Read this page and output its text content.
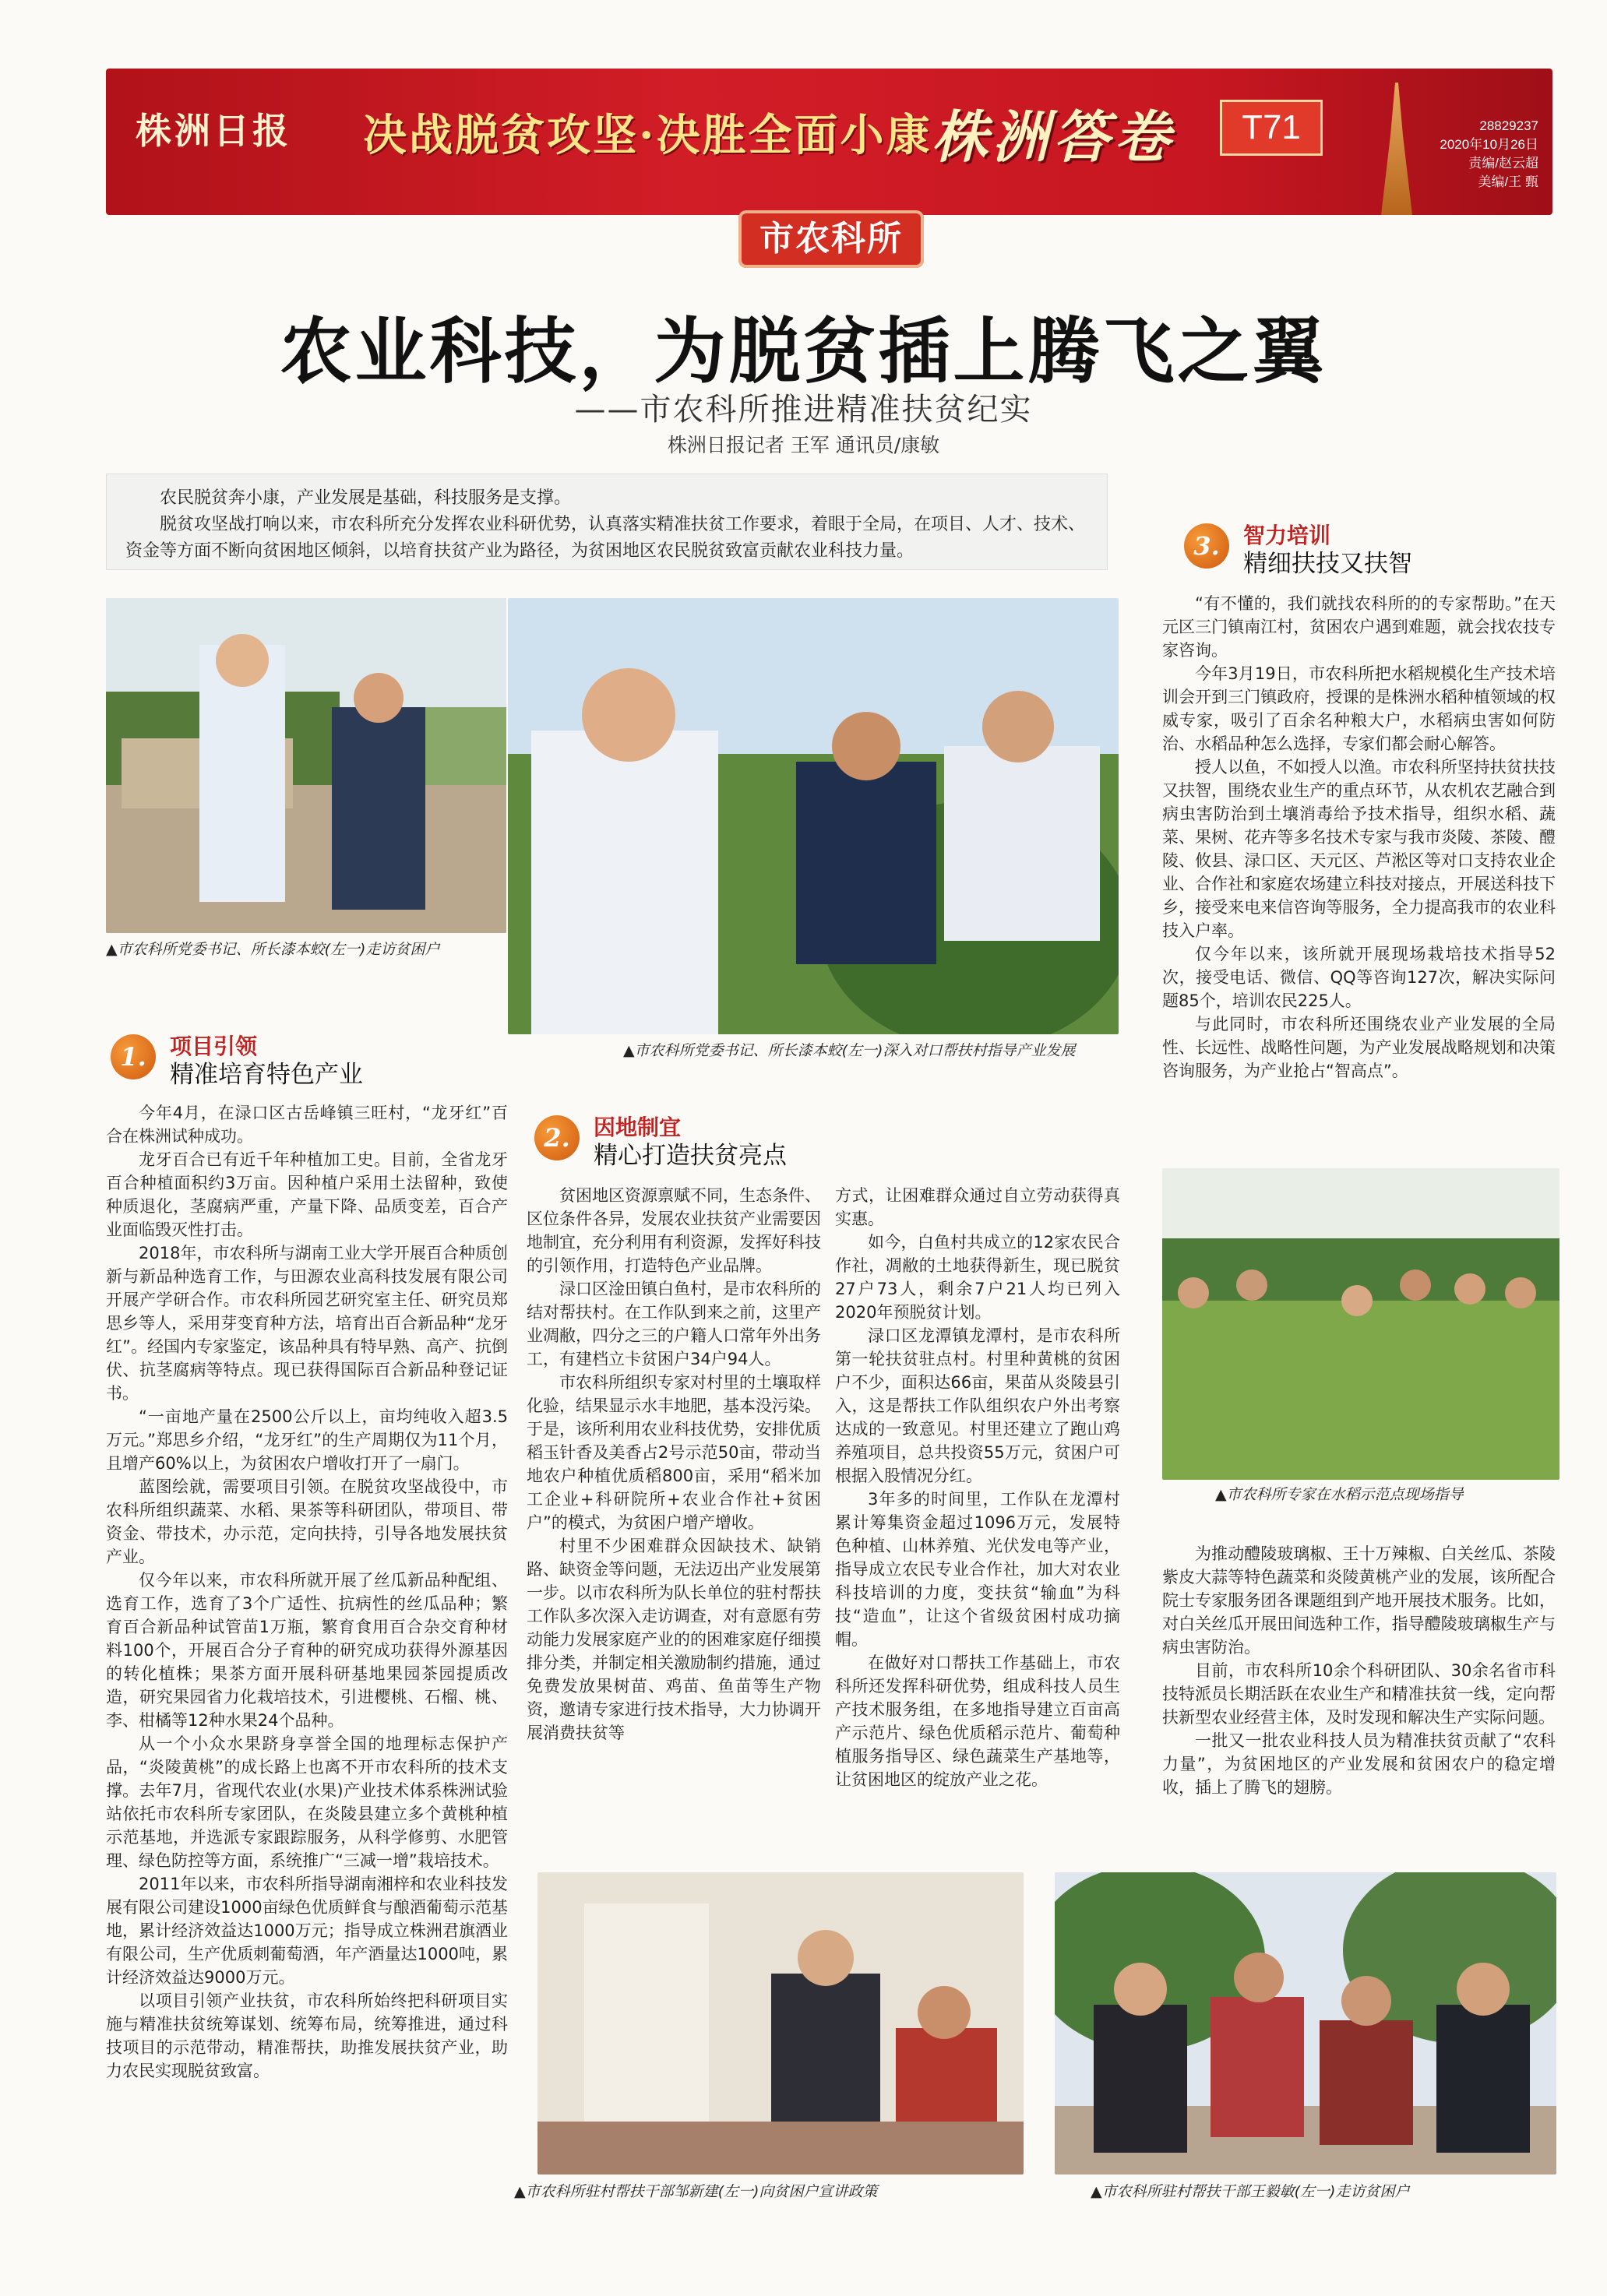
株洲日报 决战脱贫攻坚·决胜全面小康 株洲答卷	T71	28829237
2020年10月26日
责编/赵云超
美编/王 甄
市农科所
农业科技，为脱贫插上腾飞之翼
——市农科所推进精准扶贫纪实
株洲日报记者 王军 通讯员/康敏

农民脱贫奔小康，产业发展是基础，科技服务是支撑。

脱贫攻坚战打响以来，市农科所充分发挥农业科研优势，认真落实精准扶贫工作要求，着眼于全局，在项目、人才、技术、资金等方面不断向贫困地区倾斜，以培育扶贫产业为路径，为贫困地区农民脱贫致富贡献农业科技力量。

▲市农科所党委书记、所长漆本蛟(左一)走访贫困户
▲市农科所党委书记、所长漆本蛟(左一)深入对口帮扶村指导产业发展
1.	项目引领
精准培育特色产业

今年4月，在渌口区古岳峰镇三旺村，“龙牙红”百合在株洲试种成功。

龙牙百合已有近千年种植加工史。目前，全省龙牙百合种植面积约3万亩。因种植户采用土法留种，致使种质退化，茎腐病严重，产量下降、品质变差，百合产业面临毁灭性打击。

2018年，市农科所与湖南工业大学开展百合种质创新与新品种选育工作，与田源农业高科技发展有限公司开展产学研合作。市农科所园艺研究室主任、研究员郑思乡等人，采用芽变育种方法，培育出百合新品种“龙牙红”。经国内专家鉴定，该品种具有特早熟、高产、抗倒伏、抗茎腐病等特点。现已获得国际百合新品种登记证书。

“一亩地产量在2500公斤以上，亩均纯收入超3.5万元。”郑思乡介绍，“龙牙红”的生产周期仅为11个月，且增产60%以上，为贫困农户增收打开了一扇门。

蓝图绘就，需要项目引领。在脱贫攻坚战役中，市农科所组织蔬菜、水稻、果茶等科研团队，带项目、带资金、带技术，办示范，定向扶持，引导各地发展扶贫产业。

仅今年以来，市农科所就开展了丝瓜新品种配组、选育工作，选育了3个广适性、抗病性的丝瓜品种；繁育百合新品种试管苗1万瓶，繁育食用百合杂交育种材料100个，开展百合分子育种的研究成功获得外源基因的转化植株；果茶方面开展科研基地果园茶园提质改造，研究果园省力化栽培技术，引进樱桃、石榴、桃、李、柑橘等12种水果24个品种。

从一个小众水果跻身享誉全国的地理标志保护产品，“炎陵黄桃”的成长路上也离不开市农科所的技术支撑。去年7月，省现代农业(水果)产业技术体系株洲试验站依托市农科所专家团队，在炎陵县建立多个黄桃种植示范基地，并选派专家跟踪服务，从科学修剪、水肥管理、绿色防控等方面，系统推广“三减一增”栽培技术。

2011年以来，市农科所指导湖南湘梓和农业科技发展有限公司建设1000亩绿色优质鲜食与酿酒葡萄示范基地，累计经济效益达1000万元；指导成立株洲君旗酒业有限公司，生产优质刺葡萄酒，年产酒量达1000吨，累计经济效益达9000万元。

以项目引领产业扶贫，市农科所始终把科研项目实施与精准扶贫统筹谋划、统筹布局，统筹推进，通过科技项目的示范带动，精准帮扶，助推发展扶贫产业，助力农民实现脱贫致富。

2.	因地制宜
精心打造扶贫亮点

贫困地区资源禀赋不同，生态条件、区位条件各异，发展农业扶贫产业需要因地制宜，充分利用有利资源，发挥好科技的引领作用，打造特色产业品牌。

渌口区淦田镇白鱼村，是市农科所的结对帮扶村。在工作队到来之前，这里产业凋敝，四分之三的户籍人口常年外出务工，有建档立卡贫困户34户94人。

市农科所组织专家对村里的土壤取样化验，结果显示水丰地肥，基本没污染。于是，该所利用农业科技优势，安排优质稻玉针香及美香占2号示范50亩，带动当地农户种植优质稻800亩，采用“稻米加工企业+科研院所+农业合作社+贫困户”的模式，为贫困户增产增收。

村里不少困难群众因缺技术、缺销路、缺资金等问题，无法迈出产业发展第一步。以市农科所为队长单位的驻村帮扶工作队多次深入走访调查，对有意愿有劳动能力发展家庭产业的的困难家庭仔细摸排分类，并制定相关激励制约措施，通过免费发放果树苗、鸡苗、鱼苗等生产物资，邀请专家进行技术指导，大力协调开展消费扶贫等

方式，让困难群众通过自立劳动获得真实惠。

如今，白鱼村共成立的12家农民合作社，凋敝的土地获得新生，现已脱贫27户73人，剩余7户21人均已列入2020年预脱贫计划。

渌口区龙潭镇龙潭村，是市农科所第一轮扶贫驻点村。村里种黄桃的贫困户不少，面积达66亩，果苗从炎陵县引入，这是帮扶工作队组织农户外出考察达成的一致意见。村里还建立了跑山鸡养殖项目，总共投资55万元，贫困户可根据入股情况分红。

3年多的时间里，工作队在龙潭村累计筹集资金超过1096万元，发展特色种植、山林养殖、光伏发电等产业，指导成立农民专业合作社，加大对农业科技培训的力度，变扶贫“输血”为科技“造血”，让这个省级贫困村成功摘帽。

在做好对口帮扶工作基础上，市农科所还发挥科研优势，组成科技人员生产技术服务组，在多地指导建立百亩高产示范片、绿色优质稻示范片、葡萄种植服务指导区、绿色蔬菜生产基地等，让贫困地区的绽放产业之花。

3.	智力培训
精细扶技又扶智

“有不懂的，我们就找农科所的的专家帮助。”在天元区三门镇南江村，贫困农户遇到难题，就会找农技专家咨询。

今年3月19日，市农科所把水稻规模化生产技术培训会开到三门镇政府，授课的是株洲水稻种植领域的权威专家，吸引了百余名种粮大户，水稻病虫害如何防治、水稻品种怎么选择，专家们都会耐心解答。

授人以鱼，不如授人以渔。市农科所坚持扶贫扶技又扶智，围绕农业生产的重点环节，从农机农艺融合到病虫害防治到土壤消毒给予技术指导，组织水稻、蔬菜、果树、花卉等多名技术专家与我市炎陵、茶陵、醴陵、攸县、渌口区、天元区、芦淞区等对口支持农业企业、合作社和家庭农场建立科技对接点，开展送科技下乡，接受来电来信咨询等服务，全力提高我市的农业科技入户率。

仅今年以来，该所就开展现场栽培技术指导52次，接受电话、微信、QQ等咨询127次，解决实际问题85个，培训农民225人。

与此同时，市农科所还围绕农业产业发展的全局性、长远性、战略性问题，为产业发展战略规划和决策咨询服务，为产业抢占“智高点”。

▲市农科所专家在水稻示范点现场指导

为推动醴陵玻璃椒、王十万辣椒、白关丝瓜、茶陵紫皮大蒜等特色蔬菜和炎陵黄桃产业的发展，该所配合院士专家服务团各课题组到产地开展技术服务。比如，对白关丝瓜开展田间选种工作，指导醴陵玻璃椒生产与病虫害防治。

目前，市农科所10余个科研团队、30余名省市科技特派员长期活跃在农业生产和精准扶贫一线，定向帮扶新型农业经营主体，及时发现和解决生产实际问题。

一批又一批农业科技人员为精准扶贫贡献了“农科力量”，为贫困地区的产业发展和贫困农户的稳定增收，插上了腾飞的翅膀。

▲市农科所驻村帮扶干部邹新建(左一)向贫困户宣讲政策	▲市农科所驻村帮扶干部王毅敏(左一)走访贫困户
